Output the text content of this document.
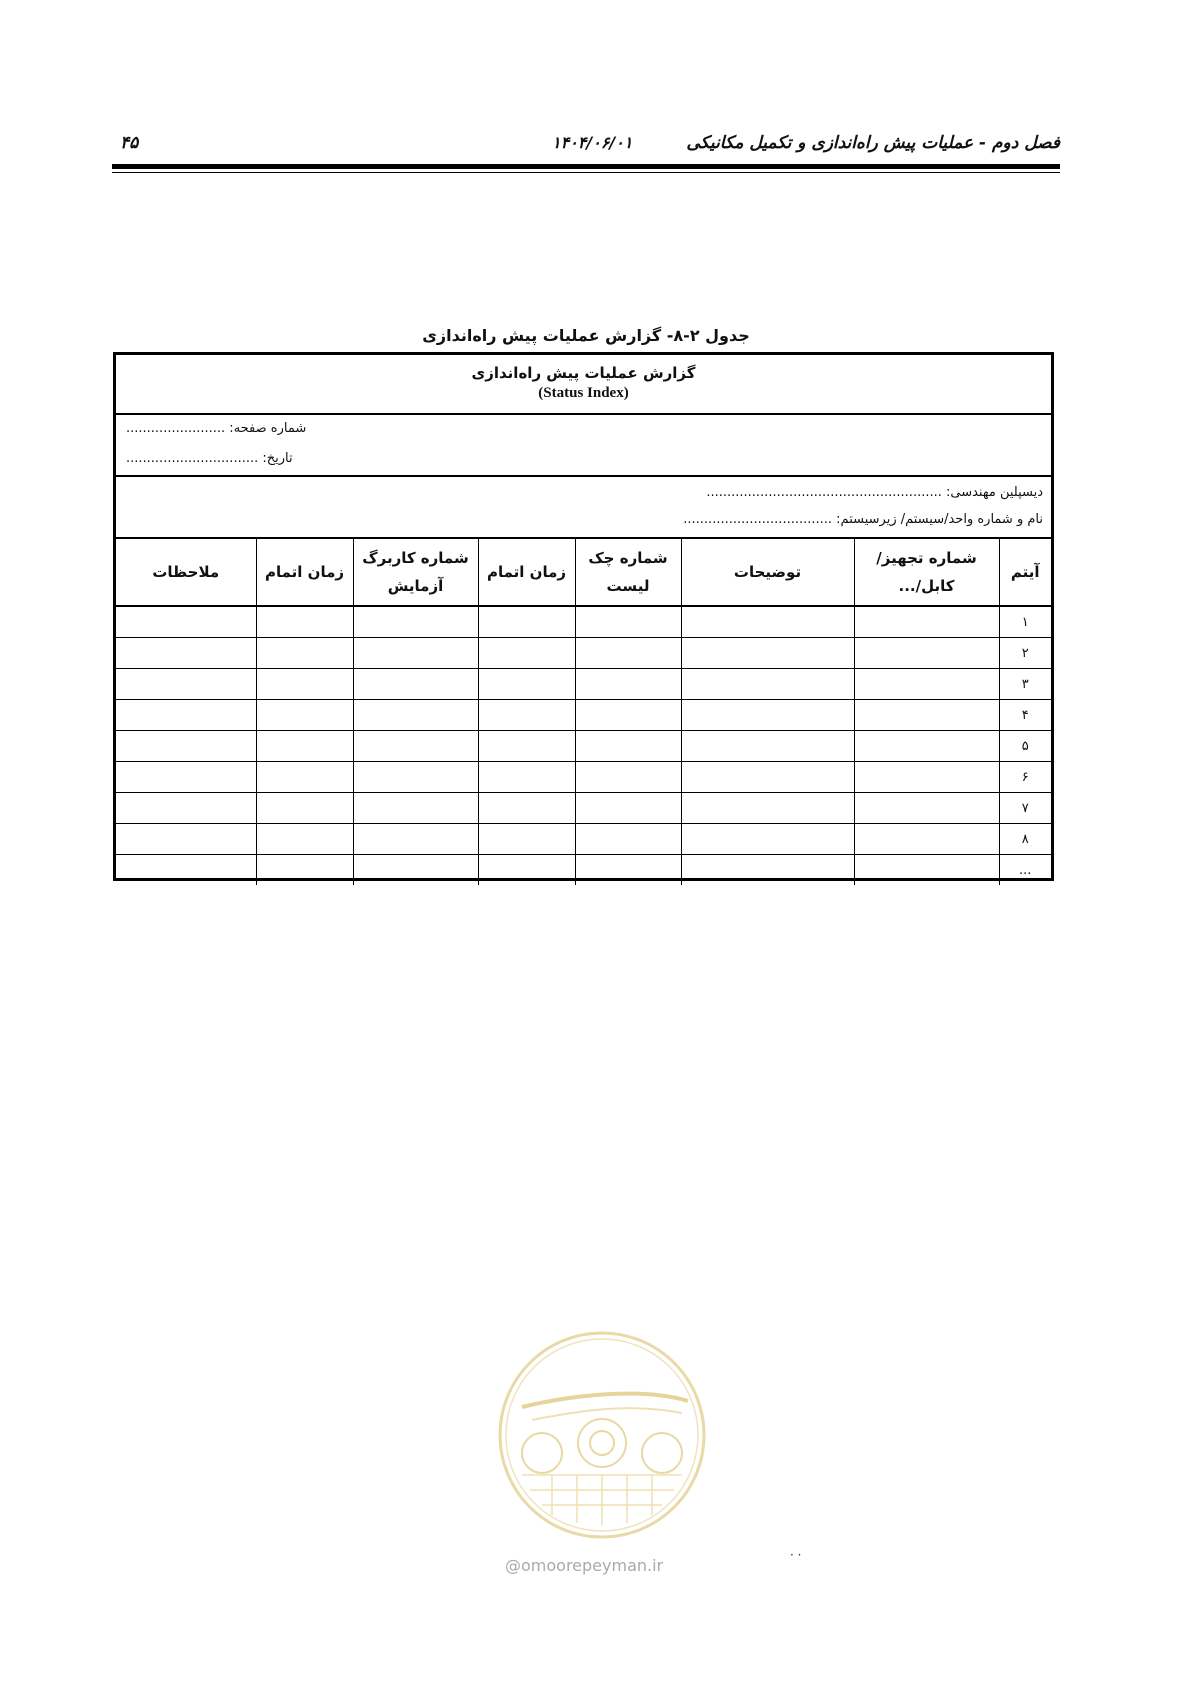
فصل دوم - عملیات پیش راه‌اندازی و تکمیل مکانیکی
۱۴۰۴/۰۶/۰۱
۴۵
جدول ۲-۸- گزارش عملیات پیش راه‌اندازی
گزارش عملیات پیش راه‌اندازی
(Status Index)
شماره صفحه: ........................
تاریخ: ................................
دیسپلین مهندسی: .........................................................
نام و شماره واحد/سیستم/ زیرسیستم: ....................................
آیتم	شماره تجهیز/کابل/...	توضیحات	شماره چک لیست	زمان اتمام	شماره کاربرگ آزمایش	زمان اتمام	ملاحظات
۱							
۲							
۳							
۴							
۵							
۶							
۷							
۸							
...							
@omoorepeyman.ir
· ·
